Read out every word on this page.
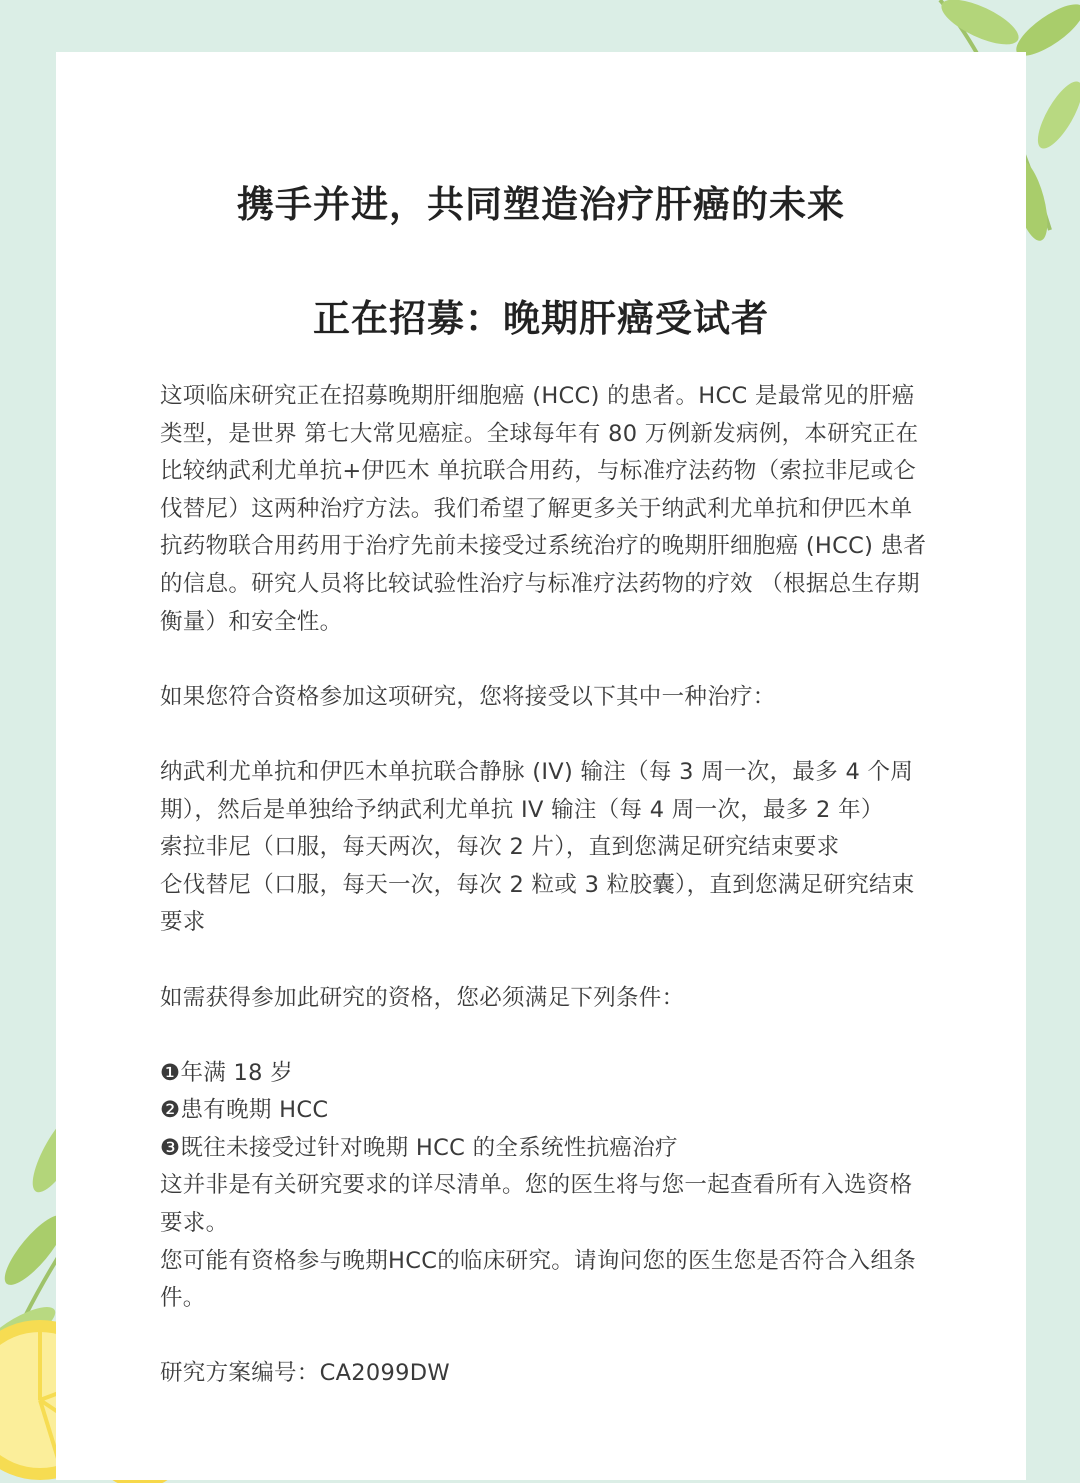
携手并进，共同塑造治疗肝癌的未来
正在招募：晚期肝癌受试者

这项临床研究正在招募晚期肝细胞癌 (HCC) 的患者。HCC 是最常见的肝癌类型，是世界 第七大常见癌症。全球每年有 80 万例新发病例，本研究正在比较纳武利尤单抗+伊匹木 单抗联合用药，与标准疗法药物（索拉非尼或仑伐替尼）这两种治疗方法。我们希望了解更多关于纳武利尤单抗和伊匹木单抗药物联合用药用于治疗先前未接受过系统治疗的晚期肝细胞癌 (HCC) 患者的信息。研究人员将比较试验性治疗与标准疗法药物的疗效 （根据总生存期衡量）和安全性。

如果您符合资格参加这项研究，您将接受以下其中一种治疗：

纳武利尤单抗和伊匹木单抗联合静脉 (IV) 输注（每 3 周一次，最多 4 个周期），然后是单独给予纳武利尤单抗 IV 输注（每 4 周一次，最多 2 年）

索拉非尼（口服，每天两次，每次 2 片），直到您满足研究结束要求

仑伐替尼（口服，每天一次，每次 2 粒或 3 粒胶囊），直到您满足研究结束要求

如需获得参加此研究的资格，您必须满足下列条件：

❶年满 18 岁

❷患有晚期 HCC

❸既往未接受过针对晚期 HCC 的全系统性抗癌治疗

这并非是有关研究要求的详尽清单。您的医生将与您一起查看所有入选资格要求。

您可能有资格参与晚期HCC的临床研究。请询问您的医生您是否符合入组条件。

研究方案编号：CA2099DW
